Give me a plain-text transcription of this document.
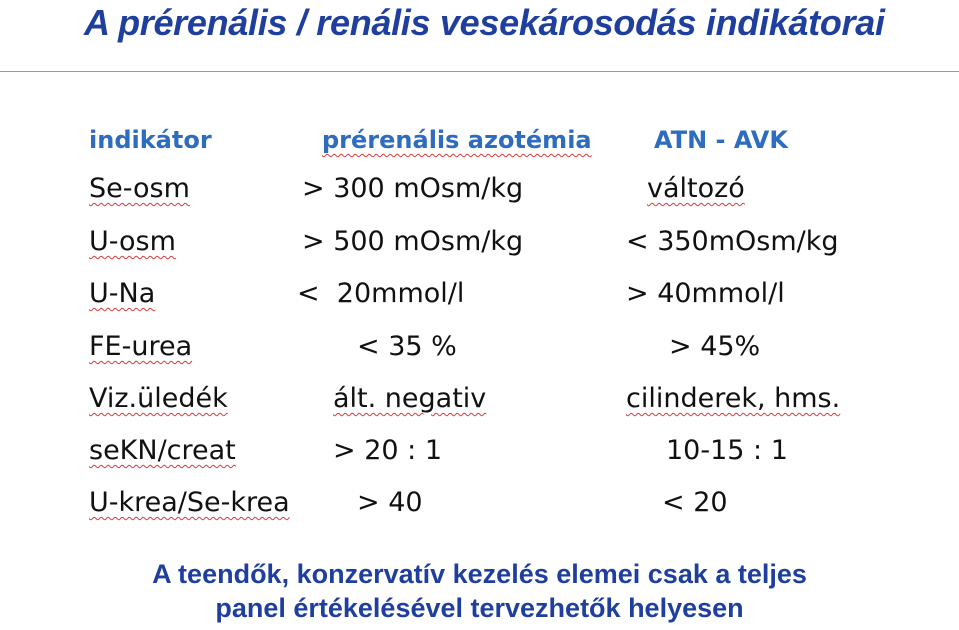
A prérenális / renális vesekárosodás indikátorai
indikátor	prérenális azotémia	ATN - AVK
Se-osm	> 300 mOsm/kg	változó
U-osm	> 500 mOsm/kg	< 350mOsm/kg
U-Na	<  20mmol/l	> 40mmol/l
FE-urea	< 35 %	> 45%
Viz.üledék	ált. negativ	cilinderek, hms.
seKN/creat	> 20 : 1	10-15 : 1
U-krea/Se-krea > 40	< 20
A teendők, konzervatív kezelés elemei csak a teljes
panel értékelésével tervezhetők helyesen
